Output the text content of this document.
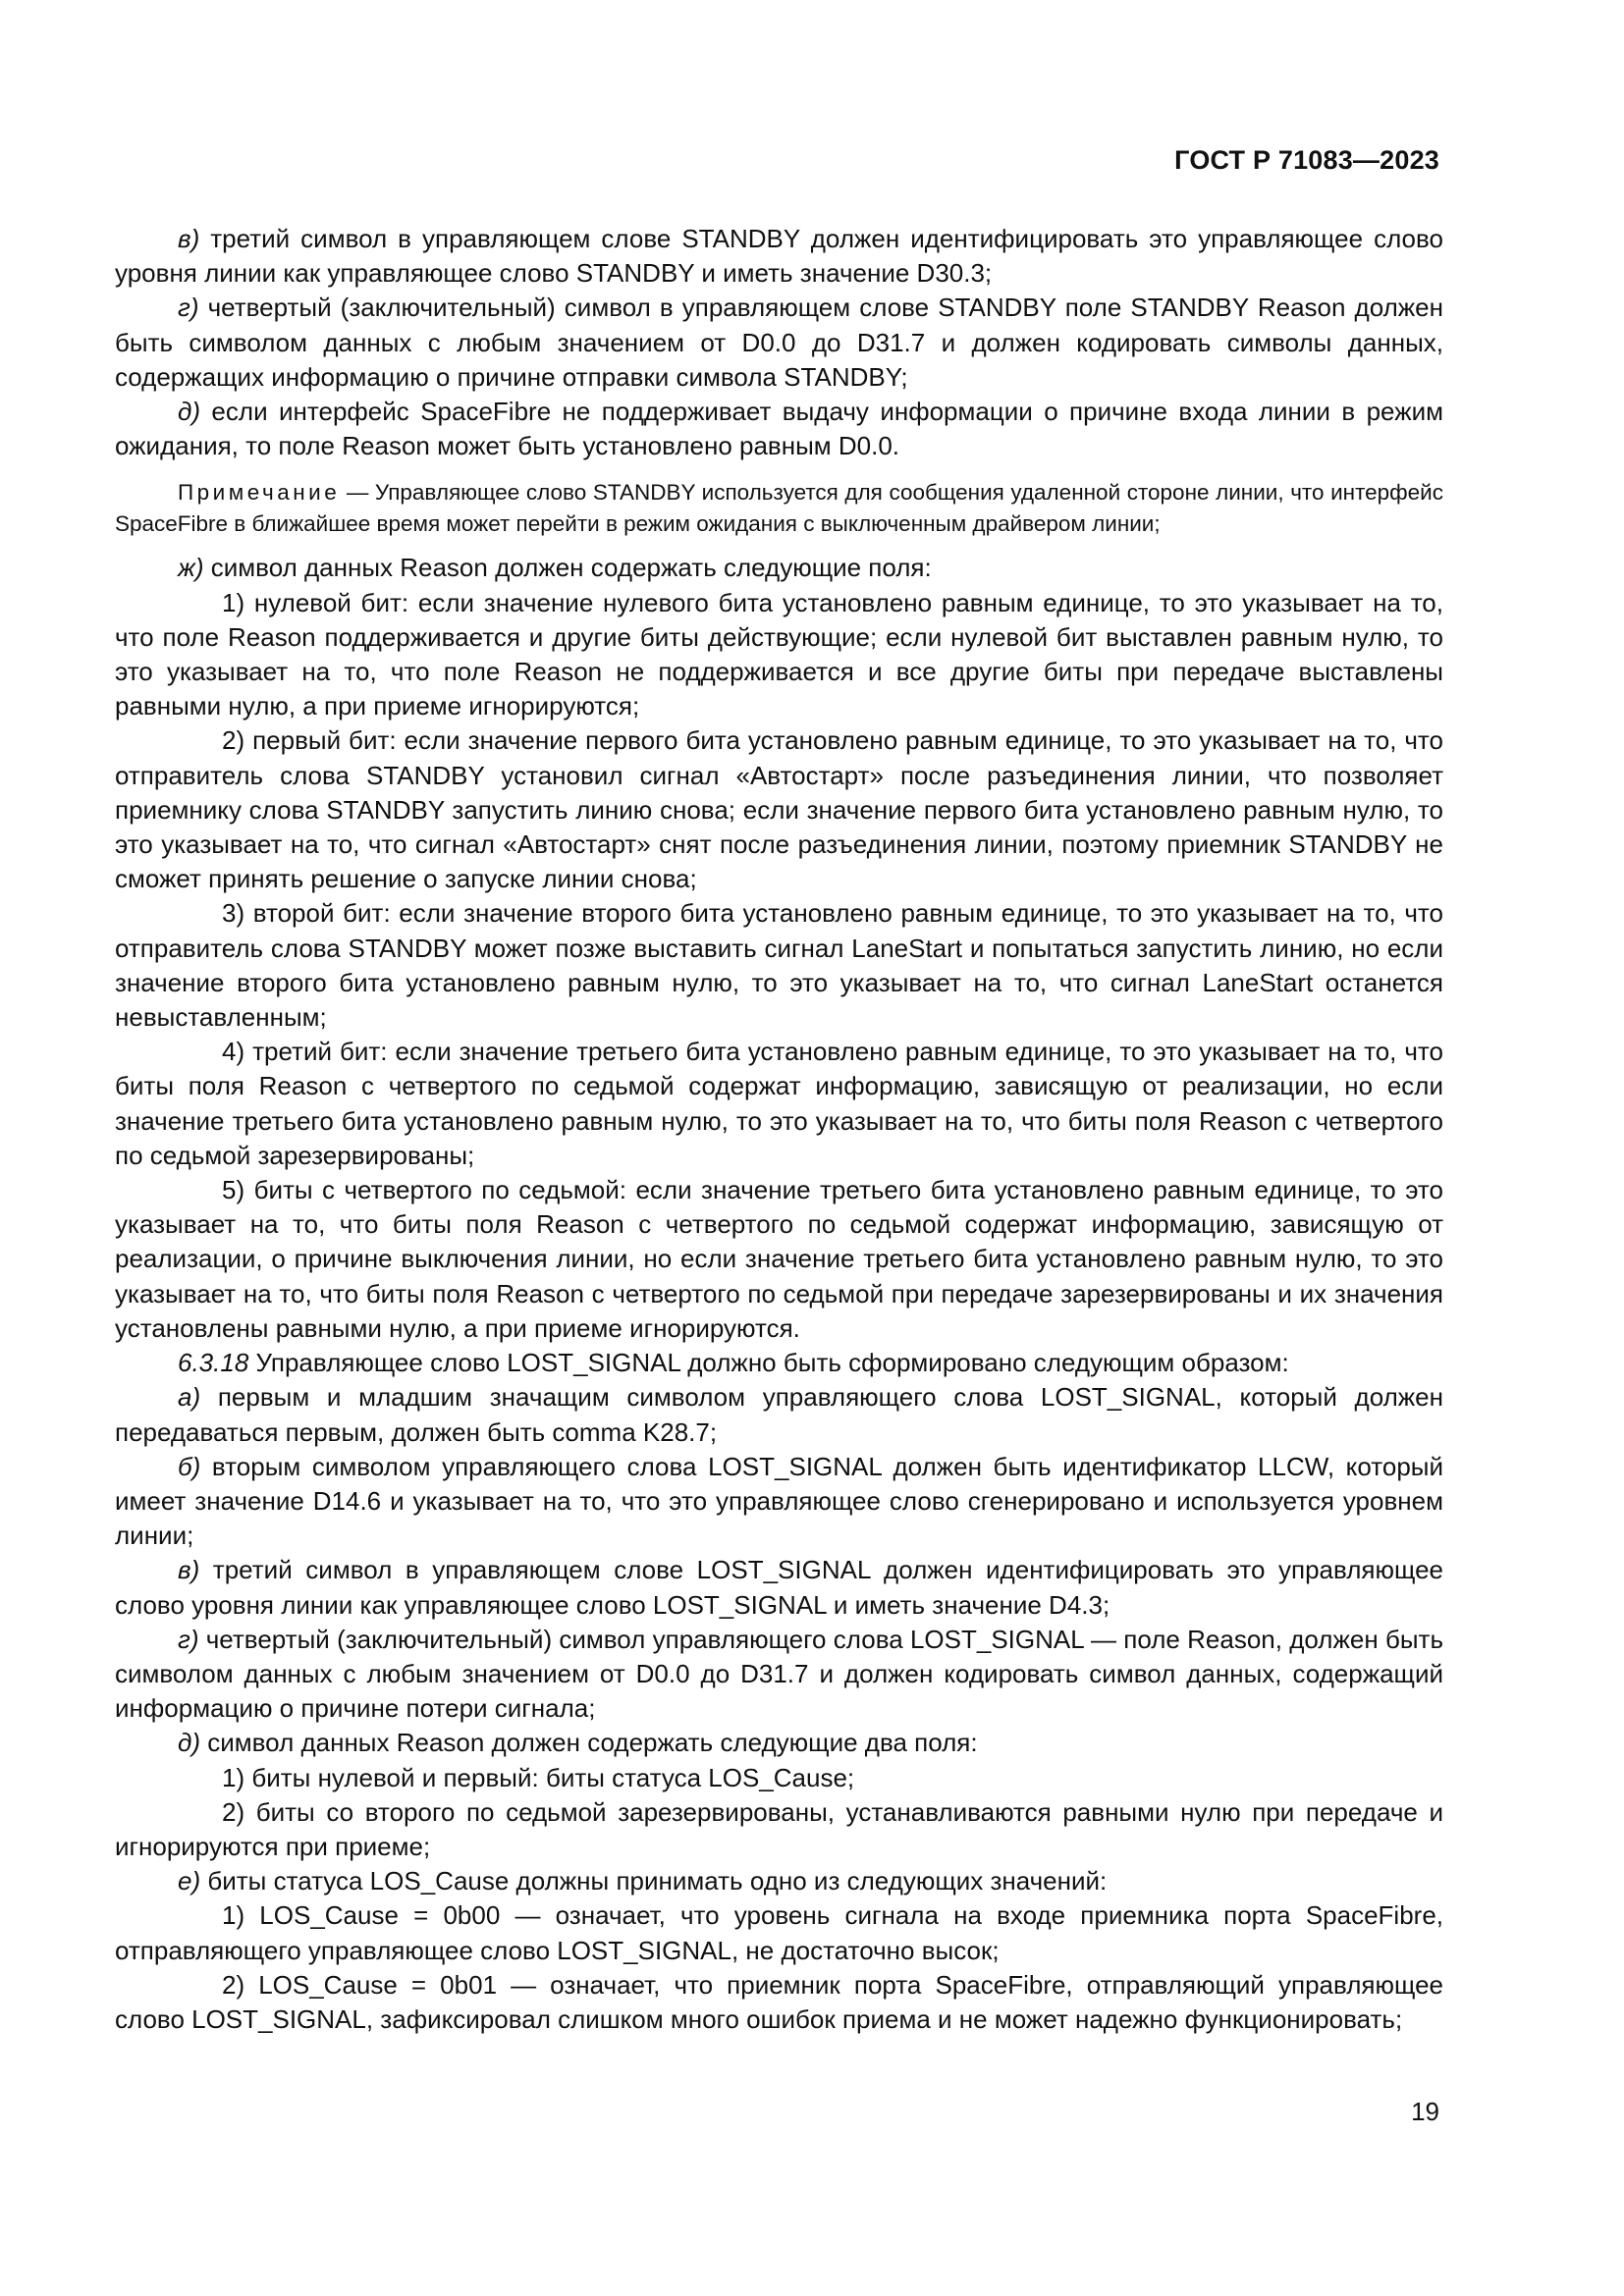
ГОСТ Р 71083—2023

в) третий символ в управляющем слове STANDBY должен идентифицировать это управляющее слово уровня линии как управляющее слово STANDBY и иметь значение D30.3;

г) четвертый (заключительный) символ в управляющем слове STANDBY поле STANDBY Reason должен быть символом данных с любым значением от D0.0 до D31.7 и должен кодировать символы данных, содержащих информацию о причине отправки символа STANDBY;

д) если интерфейс SpaceFibre не поддерживает выдачу информации о причине входа линии в режим ожидания, то поле Reason может быть установлено равным D0.0.

Примечание — Управляющее слово STANDBY используется для сообщения удаленной стороне линии, что интерфейс SpaceFibre в ближайшее время может перейти в режим ожидания с выключенным драйвером линии;

ж) символ данных Reason должен содержать следующие поля:

1) нулевой бит: если значение нулевого бита установлено равным единице, то это указывает на то, что поле Reason поддерживается и другие биты действующие; если нулевой бит выставлен равным нулю, то это указывает на то, что поле Reason не поддерживается и все другие биты при передаче выставлены равными нулю, а при приеме игнорируются;

2) первый бит: если значение первого бита установлено равным единице, то это указывает на то, что отправитель слова STANDBY установил сигнал «Автостарт» после разъединения линии, что позволяет приемнику слова STANDBY запустить линию снова; если значение первого бита установлено равным нулю, то это указывает на то, что сигнал «Автостарт» снят после разъединения линии, поэтому приемник STANDBY не сможет принять решение о запуске линии снова;

3) второй бит: если значение второго бита установлено равным единице, то это указывает на то, что отправитель слова STANDBY может позже выставить сигнал LaneStart и попытаться запустить линию, но если значение второго бита установлено равным нулю, то это указывает на то, что сигнал LaneStart останется невыставленным;

4) третий бит: если значение третьего бита установлено равным единице, то это указывает на то, что биты поля Reason с четвертого по седьмой содержат информацию, зависящую от реализации, но если значение третьего бита установлено равным нулю, то это указывает на то, что биты поля Reason с четвертого по седьмой зарезервированы;

5) биты с четвертого по седьмой: если значение третьего бита установлено равным единице, то это указывает на то, что биты поля Reason с четвертого по седьмой содержат информацию, зависящую от реализации, о причине выключения линии, но если значение третьего бита установлено равным нулю, то это указывает на то, что биты поля Reason с четвертого по седьмой при передаче зарезервированы и их значения установлены равными нулю, а при приеме игнорируются.

6.3.18 Управляющее слово LOST_SIGNAL должно быть сформировано следующим образом:

а) первым и младшим значащим символом управляющего слова LOST_SIGNAL, который должен передаваться первым, должен быть comma K28.7;

б) вторым символом управляющего слова LOST_SIGNAL должен быть идентификатор LLCW, который имеет значение D14.6 и указывает на то, что это управляющее слово сгенерировано и используется уровнем линии;

в) третий символ в управляющем слове LOST_SIGNAL должен идентифицировать это управляющее слово уровня линии как управляющее слово LOST_SIGNAL и иметь значение D4.3;

г) четвертый (заключительный) символ управляющего слова LOST_SIGNAL — поле Reason, должен быть символом данных с любым значением от D0.0 до D31.7 и должен кодировать символ данных, содержащий информацию о причине потери сигнала;

д) символ данных Reason должен содержать следующие два поля:

1) биты нулевой и первый: биты статуса LOS_Cause;

2) биты со второго по седьмой зарезервированы, устанавливаются равными нулю при передаче и игнорируются при приеме;

е) биты статуса LOS_Cause должны принимать одно из следующих значений:

1) LOS_Cause = 0b00 — означает, что уровень сигнала на входе приемника порта SpaceFibre, отправляющего управляющее слово LOST_SIGNAL, не достаточно высок;

2) LOS_Cause = 0b01 — означает, что приемник порта SpaceFibre, отправляющий управляющее слово LOST_SIGNAL, зафиксировал слишком много ошибок приема и не может надежно функционировать;

19
